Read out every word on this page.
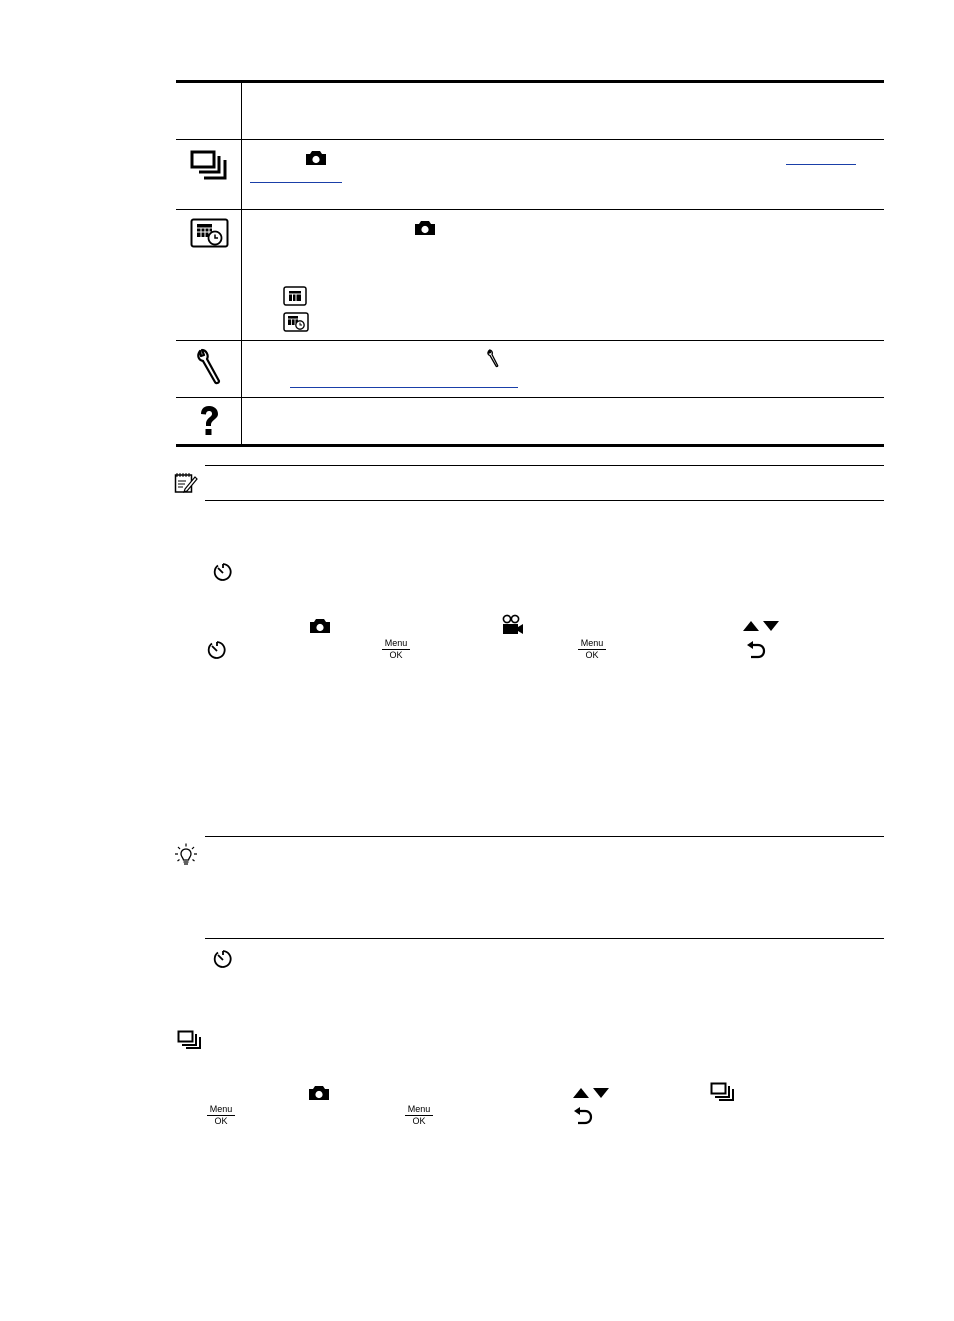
Menu
OK
Menu
OK
Menu
OK
Menu
OK
